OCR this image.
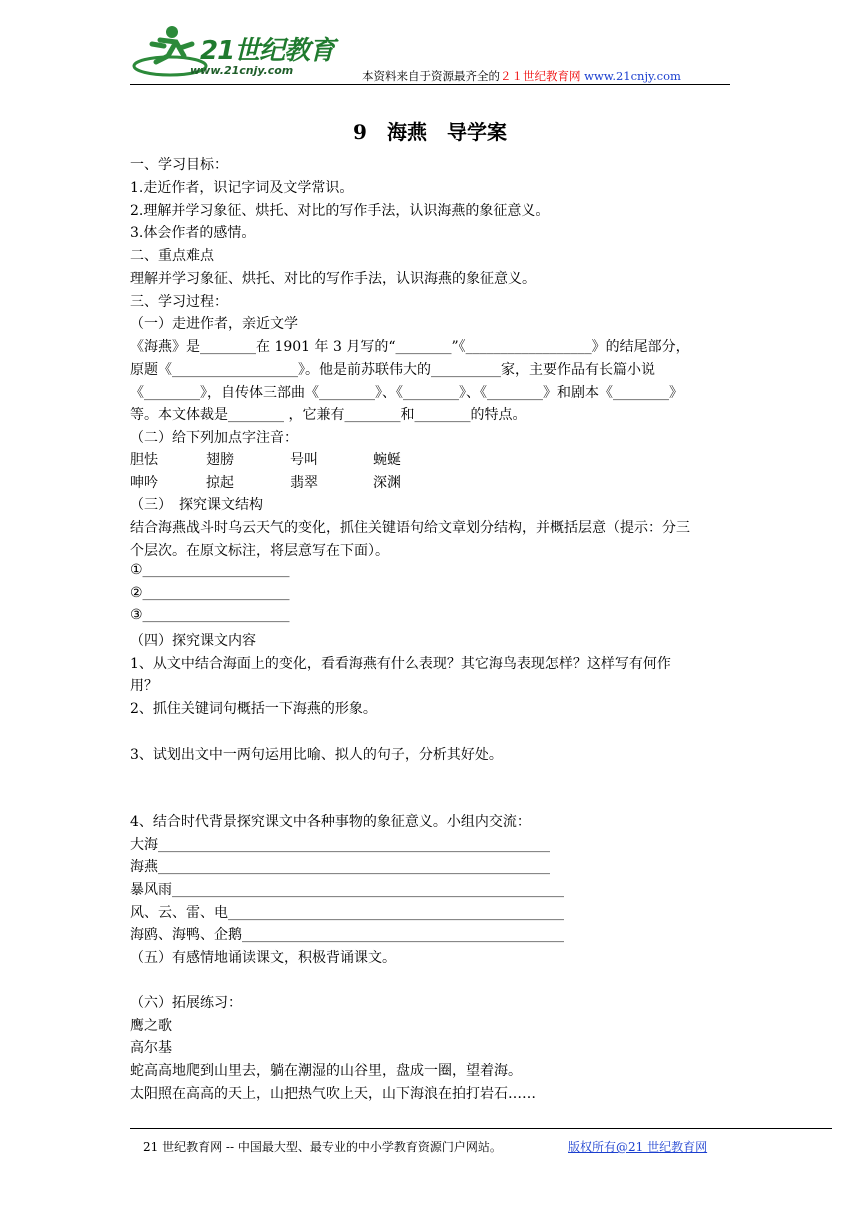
21世纪教育
www.21cnjy.com	本资料来自于资源最齐全的２１世纪教育网 www.21cnjy.com
9　海燕　导学案
一、学习目标：
1.走近作者，识记字词及文学常识。
2.理解并学习象征、烘托、对比的写作手法，认识海燕的象征意义。
3.体会作者的感情。
二、重点难点
理解并学习象征、烘托、对比的写作手法，认识海燕的象征意义。
三、学习过程：
（一）走进作者，亲近文学
《海燕》是________在 1901 年 3 月写的“________”《__________________》的结尾部分，
原题《__________________》。他是前苏联伟大的__________家，主要作品有长篇小说
《________》，自传体三部曲《________》、《________》、《________》和剧本《________》
等。本文体裁是________ ，它兼有________和________的特点。
（二）给下列加点字注音：
胆怯	翅膀	号叫	蜿蜒
呻吟	掠起	翡翠	深渊
（三）　探究课文结构
结合海燕战斗时乌云天气的变化，抓住关键语句给文章划分结构，并概括层意（提示：分三
个层次。在原文标注，将层意写在下面）。
①_____________________
②_____________________
③_____________________
（四）探究课文内容
1、从文中结合海面上的变化，看看海燕有什么表现？其它海鸟表现怎样？这样写有何作
用？
2、抓住关键词句概括一下海燕的形象。
3、试划出文中一两句运用比喻、拟人的句子，分析其好处。
4、结合时代背景探究课文中各种事物的象征意义。小组内交流：
大海________________________________________________________
海燕________________________________________________________
暴风雨________________________________________________________
风、云、雷、电________________________________________________
海鸥、海鸭、企鹅______________________________________________
（五）有感情地诵读课文，积极背诵课文。
（六）拓展练习：
鹰之歌
高尔基
蛇高高地爬到山里去，躺在潮湿的山谷里，盘成一圈，望着海。
太阳照在高高的天上，山把热气吹上天，山下海浪在拍打岩石……
21 世纪教育网 -- 中国最大型、最专业的中小学教育资源门户网站。	版权所有@21 世纪教育网
